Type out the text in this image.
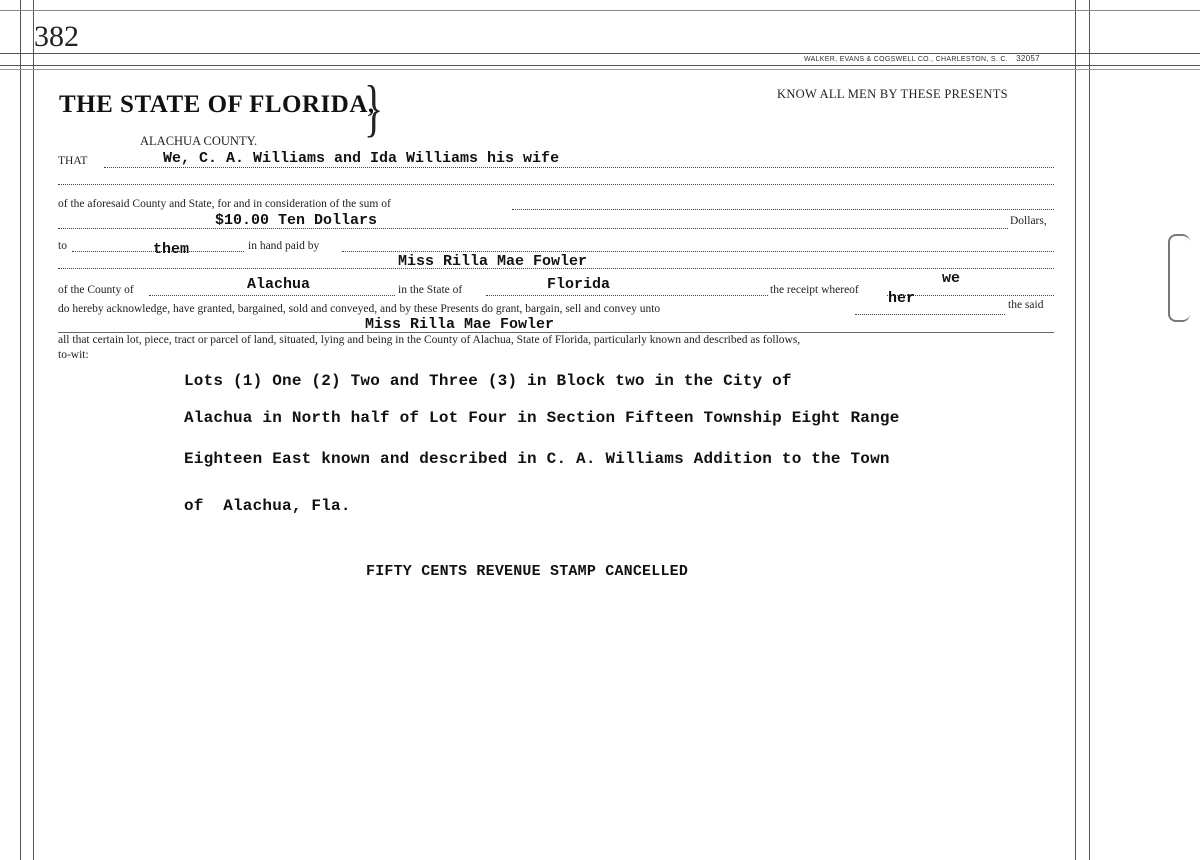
382
WALKER, EVANS & COGSWELL CO., CHARLESTON, S. C. 32057
THE STATE OF FLORIDA,
}	KNOW ALL MEN BY THESE PRESENTS
ALACHUA COUNTY.
THAT	We, C. A. Williams and Ida Williams his wife
of the aforesaid County and State, for and in consideration of the sum of
$10.00 Ten Dollars	Dollars,
to	them	in hand paid by
Miss Rilla Mae Fowler
of the County of	Alachua	in the State of	Florida	the receipt whereof
we
do hereby acknowledge, have granted, bargained, sold and conveyed, and by these Presents do grant, bargain, sell and convey unto
her	the said
Miss Rilla Mae Fowler
all that certain lot, piece, tract or parcel of land, situated, lying and being in the County of Alachua, State of Florida, particularly known and described as follows,
to-wit:
Lots (1) One (2) Two and Three (3) in Block two in the City of
Alachua in North half of Lot Four in Section Fifteen Township Eight Range
Eighteen East known and described in C. A. Williams Addition to the Town
of  Alachua, Fla.
FIFTY CENTS REVENUE STAMP CANCELLED
